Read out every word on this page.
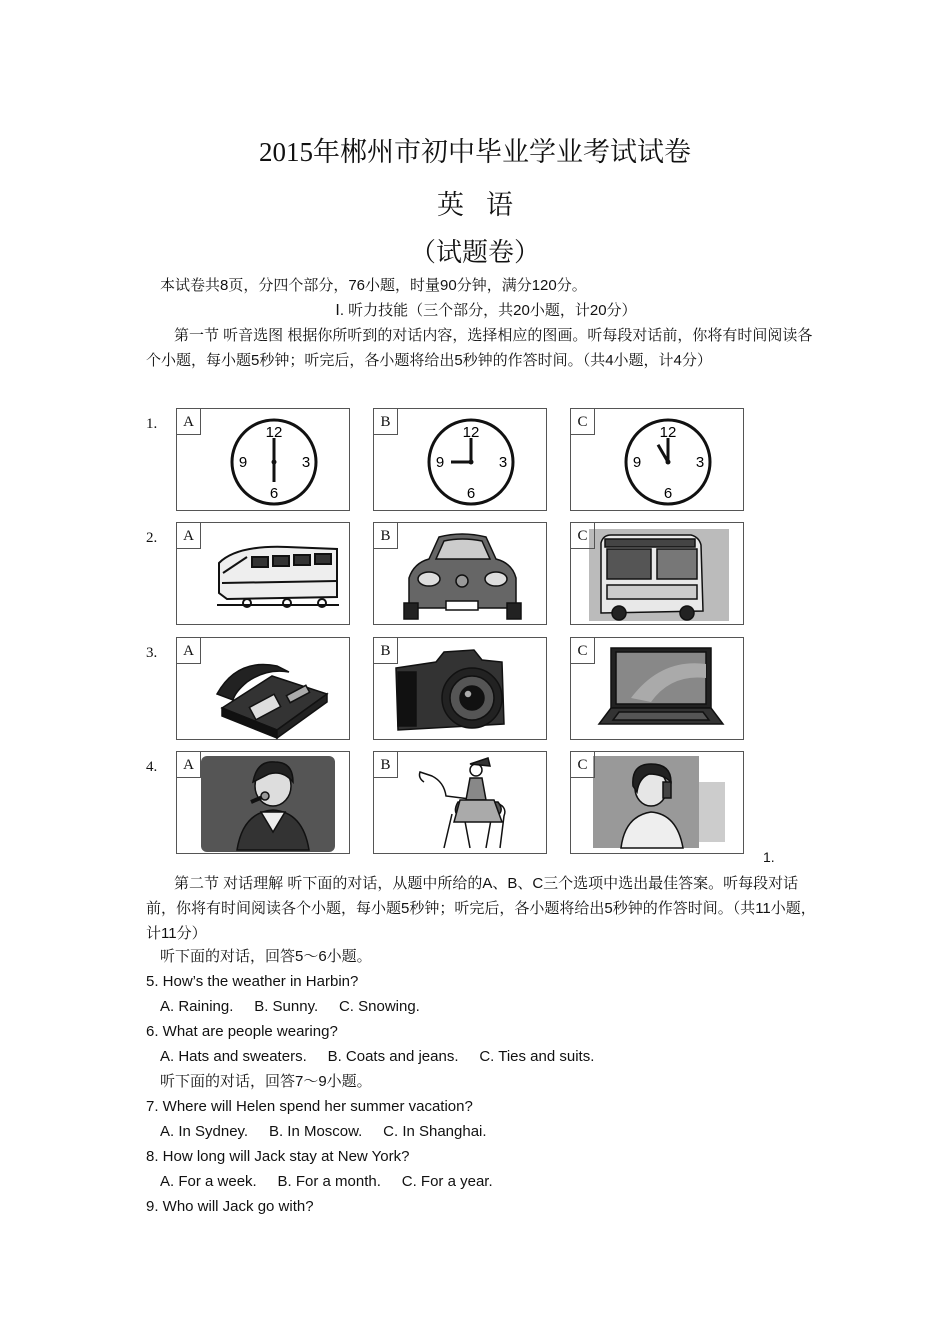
2015年郴州市初中毕业学业考试试卷
英语
（试题卷）
本试卷共8页，分四个部分，76小题，时量90分钟，满分120分。
Ⅰ. 听力技能（三个部分，共20小题，计20分）
第一节 听音选图 根据你所听到的对话内容，选择相应的图画。听每段对话前，你将有时间阅读各个小题，每小题5秒钟；听完后，各小题将给出5秒钟的作答时间。（共4小题，计4分）
1.	12
9	3
6
A
12
9	3
6
B
12
9	3
6
C
2.	A	B	C
3.	A	B	C
4.	A	B	C
1.
第二节 对话理解 听下面的对话，从题中所给的A、B、C三个选项中选出最佳答案。听每段对话前，你将有时间阅读各个小题，每小题5秒钟；听完后，各小题将给出5秒钟的作答时间。（共11小题，计11分）
听下面的对话，回答5～6小题。
5. How’s the weather in Harbin?
A. Raining.     B. Sunny.     C. Snowing.
6. What are people wearing?
A. Hats and sweaters.     B. Coats and jeans.     C. Ties and suits.
听下面的对话，回答7～9小题。
7. Where will Helen spend her summer vacation?
A. In Sydney.     B. In Moscow.     C. In Shanghai.
8. How long will Jack stay at New York?
A. For a week.     B. For a month.     C. For a year.
9. Who will Jack go with?
